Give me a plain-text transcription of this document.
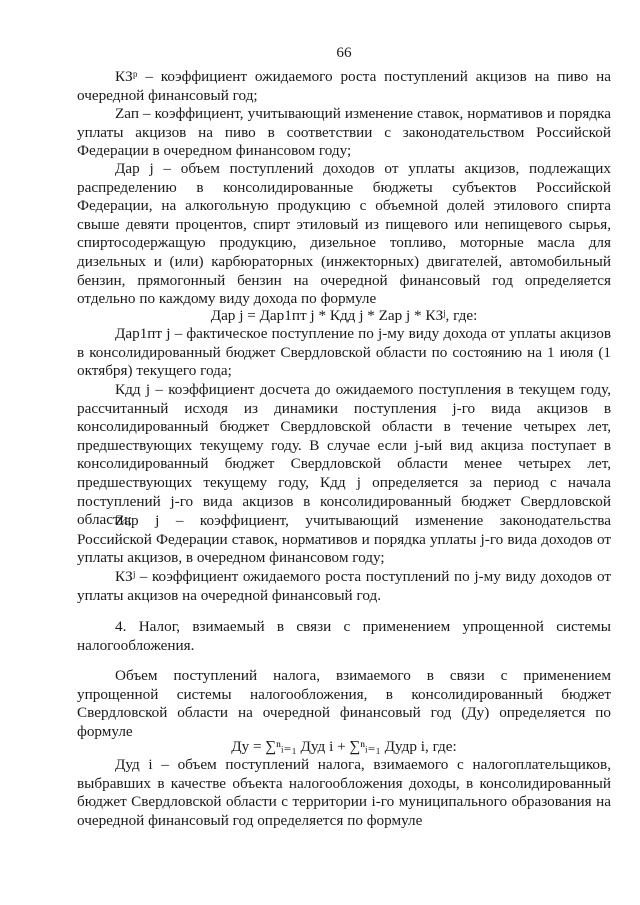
66
КЗᵖ – коэффициент ожидаемого роста поступлений акцизов на пиво на очередной финансовый год;
Zап – коэффициент, учитывающий изменение ставок, нормативов и порядка уплаты акцизов на пиво в соответствии с законодательством Российской Федерации в очередном финансовом году;
Дар j – объем поступлений доходов от уплаты акцизов, подлежащих распределению в консолидированные бюджеты субъектов Российской Федерации, на алкогольную продукцию с объемной долей этилового спирта свыше девяти процентов, спирт этиловый из пищевого или непищевого сырья, спиртосодержащую продукцию, дизельное топливо, моторные масла для дизельных и (или) карбюраторных (инжекторных) двигателей, автомобильный бензин, прямогонный бензин на очередной финансовый год определяется отдельно по каждому виду дохода по формуле
Дар j = Дар1пт j * Кдд j * Zар j * КЗʲ, где:
Дар1пт j – фактическое поступление по j-му виду дохода от уплаты акцизов в консолидированный бюджет Свердловской области по состоянию на 1 июля (1 октября) текущего года;
Кдд j – коэффициент досчета до ожидаемого поступления в текущем году, рассчитанный исходя из динамики поступления j-го вида акцизов в консолидированный бюджет Свердловской области в течение четырех лет, предшествующих текущему году. В случае если j-ый вид акциза поступает в консолидированный бюджет Свердловской области менее четырех лет, предшествующих текущему году, Кдд j определяется за период с начала поступлений j-го вида акцизов в консолидированный бюджет Свердловской области;
Zар j – коэффициент, учитывающий изменение законодательства Российской Федерации ставок, нормативов и порядка уплаты j-го вида доходов от уплаты акцизов, в очередном финансовом году;
КЗʲ – коэффициент ожидаемого роста поступлений по j-му виду доходов от уплаты акцизов на очередной финансовый год.
4. Налог, взимаемый в связи с применением упрощенной системы налогообложения.
Объем поступлений налога, взимаемого в связи с применением упрощенной системы налогообложения, в консолидированный бюджет Свердловской области на очередной финансовый год (Ду) определяется по формуле
Ду = ∑ⁿᵢ₌₁ Дуд i + ∑ⁿᵢ₌₁ Дудр i, где:
Дуд i – объем поступлений налога, взимаемого с налогоплательщиков, выбравших в качестве объекта налогообложения доходы, в консолидированный бюджет Свердловской области с территории i-го муниципального образования на очередной финансовый год определяется по формуле
